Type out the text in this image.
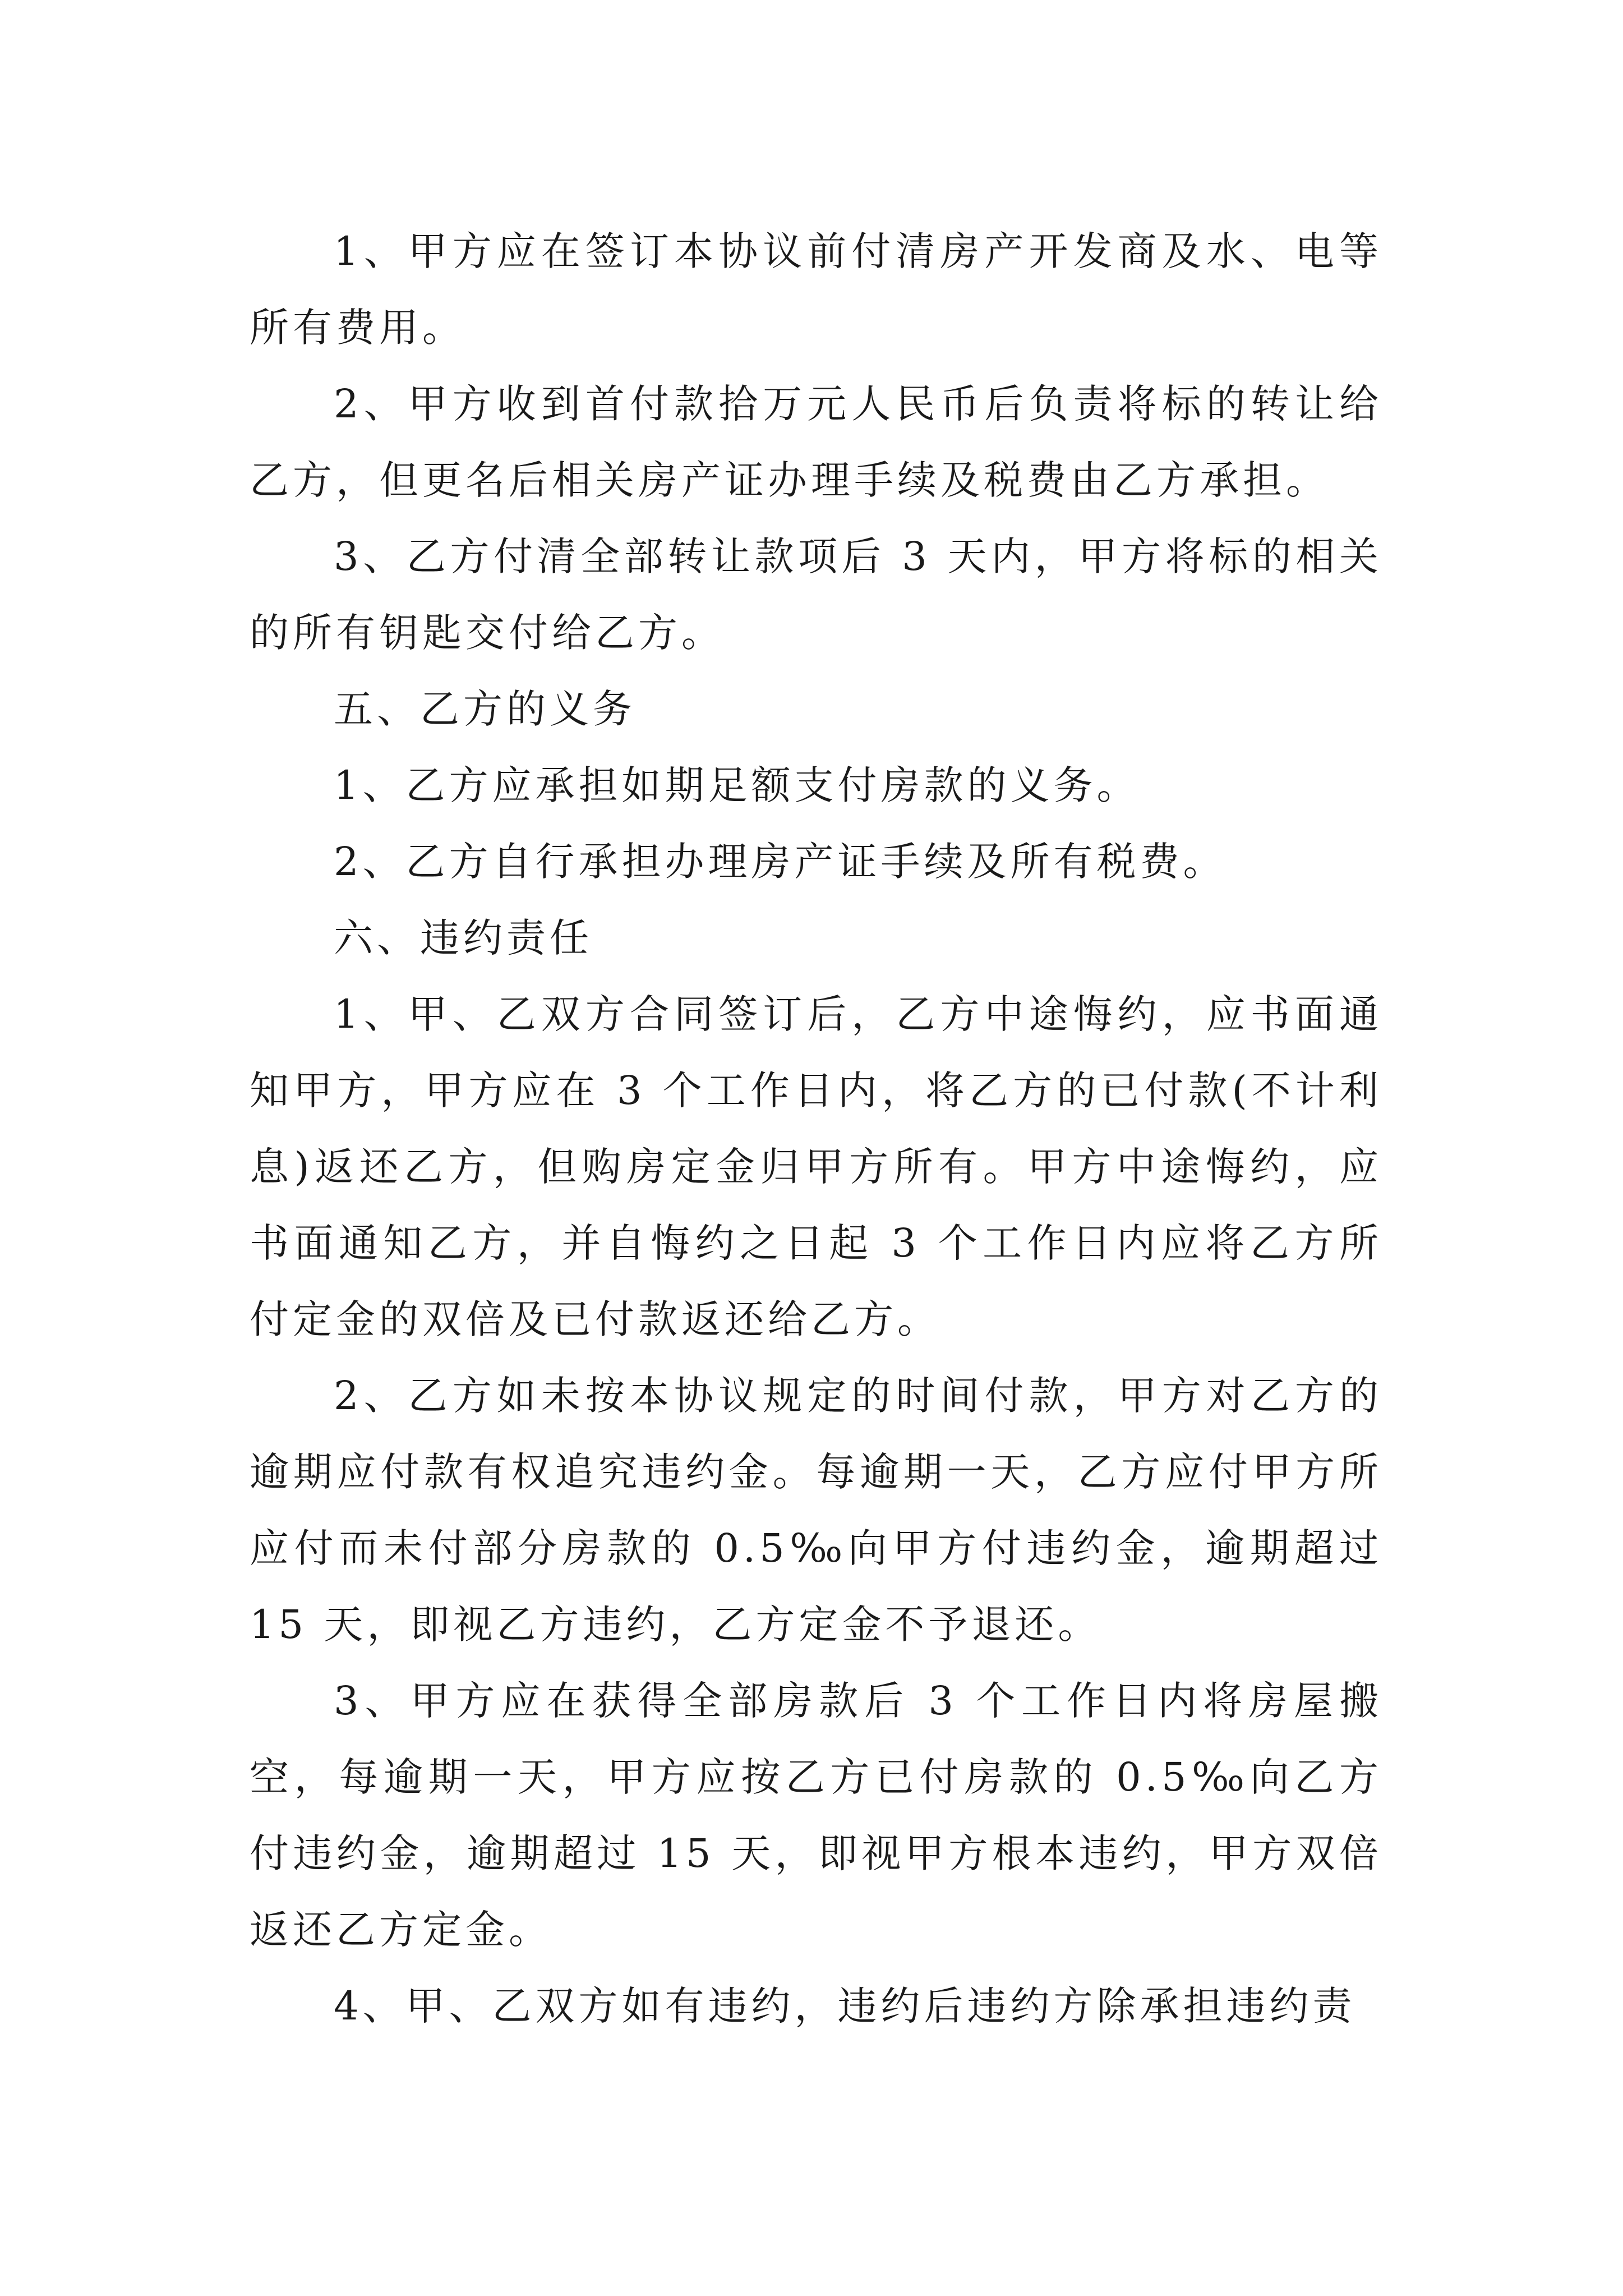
1、甲方应在签订本协议前付清房产开发商及水、电等所有费用。

2、甲方收到首付款拾万元人民币后负责将标的转让给乙方，但更名后相关房产证办理手续及税费由乙方承担。

3、乙方付清全部转让款项后 3 天内，甲方将标的相关的所有钥匙交付给乙方。

五、乙方的义务

1、乙方应承担如期足额支付房款的义务。

2、乙方自行承担办理房产证手续及所有税费。

六、违约责任

1、甲、乙双方合同签订后，乙方中途悔约，应书面通知甲方，甲方应在 3 个工作日内，将乙方的已付款(不计利息)返还乙方，但购房定金归甲方所有。甲方中途悔约，应书面通知乙方，并自悔约之日起 3 个工作日内应将乙方所付定金的双倍及已付款返还给乙方。

2、乙方如未按本协议规定的时间付款，甲方对乙方的逾期应付款有权追究违约金。每逾期一天，乙方应付甲方所应付而未付部分房款的 0.5‰向甲方付违约金，逾期超过 15 天，即视乙方违约，乙方定金不予退还。

3、甲方应在获得全部房款后 3 个工作日内将房屋搬空，每逾期一天，甲方应按乙方已付房款的 0.5‰向乙方付违约金，逾期超过 15 天，即视甲方根本违约，甲方双倍返还乙方定金。

4、甲、乙双方如有违约，违约后违约方除承担违约责
